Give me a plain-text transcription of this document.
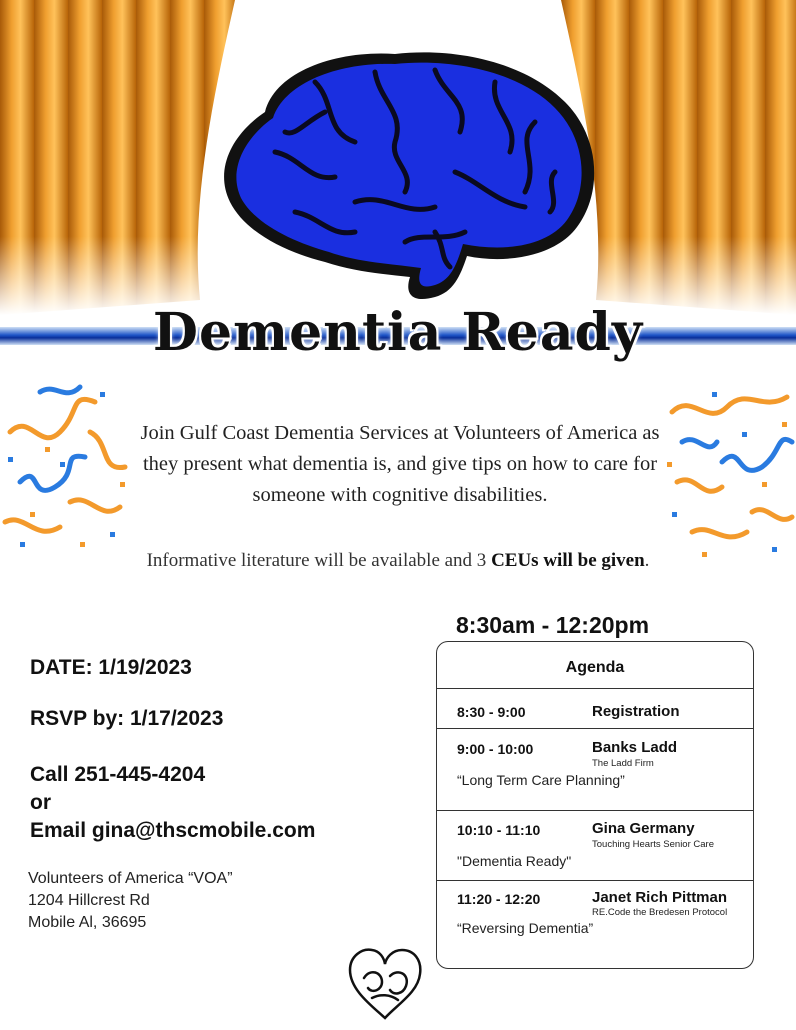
Dementia Ready
Join Gulf Coast Dementia Services at Volunteers of America as they present what dementia is, and give tips on how to care for someone with cognitive disabilities.
Informative literature will be available and 3 CEUs will be given.
DATE: 1/19/2023
RSVP by: 1/17/2023
Call 251-445-4204
or
Email gina@thscmobile.com
Volunteers of America “VOA”
1204 Hillcrest Rd
Mobile Al, 36695
8:30am - 12:20pm
Agenda
8:30 - 9:00	Registration
9:00 - 10:00	Banks Ladd
The Ladd Firm
“Long Term Care Planning”
10:10 - 11:10	Gina Germany
Touching Hearts Senior Care
"Dementia Ready"
11:20 - 12:20	Janet Rich Pittman
RE.Code the Bredesen Protocol
“Reversing Dementia”
